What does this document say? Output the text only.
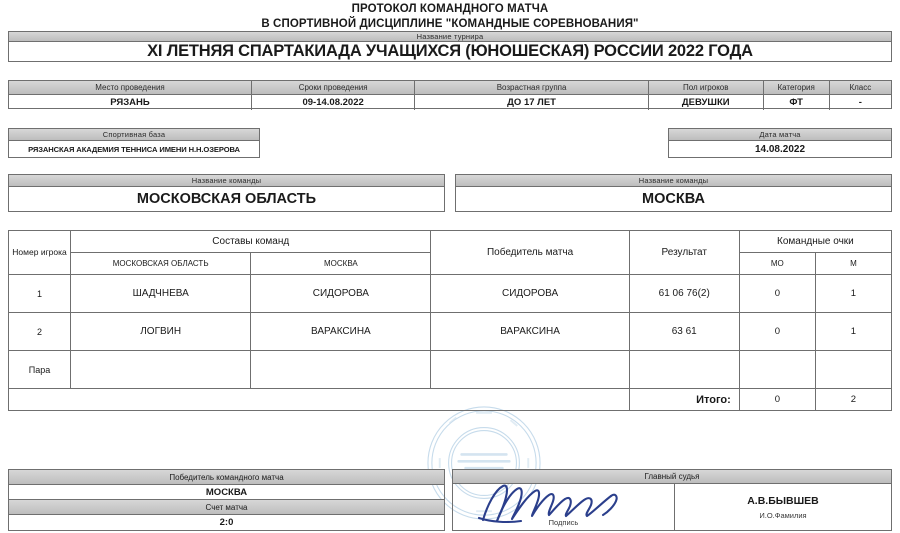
ПРОТОКОЛ КОМАНДНОГО МАТЧА
В СПОРТИВНОЙ ДИСЦИПЛИНЕ "КОМАНДНЫЕ СОРЕВНОВАНИЯ"
Название турнира
XI ЛЕТНЯЯ СПАРТАКИАДА УЧАЩИХСЯ (ЮНОШЕСКАЯ) РОССИИ 2022 ГОДА
Место проведения	Сроки проведения	Возрастная группа	Пол игроков	Категория	Класс
РЯЗАНЬ	09-14.08.2022	ДО 17 ЛЕТ	ДЕВУШКИ	ФТ	-
Спортивная база
РЯЗАНСКАЯ АКАДЕМИЯ ТЕННИСА ИМЕНИ Н.Н.ОЗЕРОВА
Дата матча
14.08.2022
Название команды
МОСКОВСКАЯ ОБЛАСТЬ
Название команды
МОСКВА
Номер игрока	Составы команд		Победитель матча	Результат	Командные очки	
	МОСКОВСКАЯ ОБЛАСТЬ	МОСКВА			МО	М
1	ШАДЧНЕВА	СИДОРОВА	СИДОРОВА	61 06 76(2)	0	1
2	ЛОГВИН	ВАРАКСИНА	ВАРАКСИНА	63 61	0	1
Пара						
				Итого:	0	2
Победитель командного матча
МОСКВА
Счет матча
2:0
Главный судья
Подпись
А.В.БЫВШЕВ
И.О.Фамилия
